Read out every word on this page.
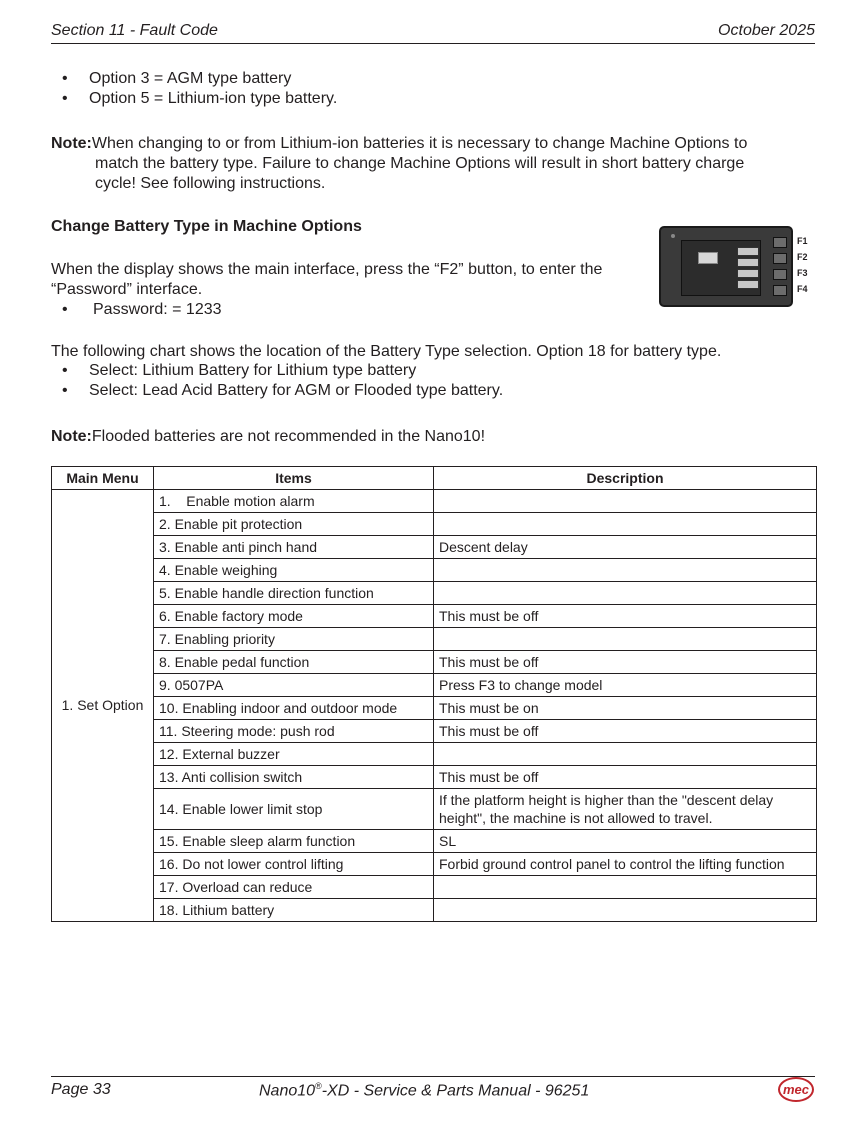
Section 11 - Fault Code	October 2025
• Option 3 = AGM type battery
• Option 5 = Lithium-ion type battery.
Note:When changing to or from Lithium-ion batteries it is necessary to change Machine Options to
match the battery type. Failure to change Machine Options will result in short battery charge
cycle! See following instructions.
Change Battery Type in Machine Options
When the display shows the main interface, press the “F2” button, to enter the
“Password” interface.
• Password: = 1233
F1
F2
F3
F4
The following chart shows the location of the Battery Type selection. Option 18 for battery type.
• Select: Lithium Battery for Lithium type battery
• Select: Lead Acid Battery for AGM or Flooded type battery.
Note:Flooded batteries are not recommended in the Nano10!
Main Menu	Items	Description
1. Set Option	1.    Enable motion alarm	
	2. Enable pit protection	
	3. Enable anti pinch hand	Descent delay
	4. Enable weighing	
	5. Enable handle direction function	
	6. Enable factory mode	This must be off
	7. Enabling priority	
	8. Enable pedal function	This must be off
	9. 0507PA	Press F3 to change model
	10. Enabling indoor and outdoor mode	This must be on
	11. Steering mode: push rod	This must be off
	12. External buzzer	
	13. Anti collision switch	This must be off
	14. Enable lower limit stop	If the platform height is higher than the "descent delay height", the machine is not allowed to travel.
	15. Enable sleep alarm function	SL
	16. Do not lower control lifting	Forbid ground control panel to control the lifting function
	17. Overload can reduce	
	18. Lithium battery	
Page 33	Nano10®-XD - Service & Parts Manual - 96251	mec
